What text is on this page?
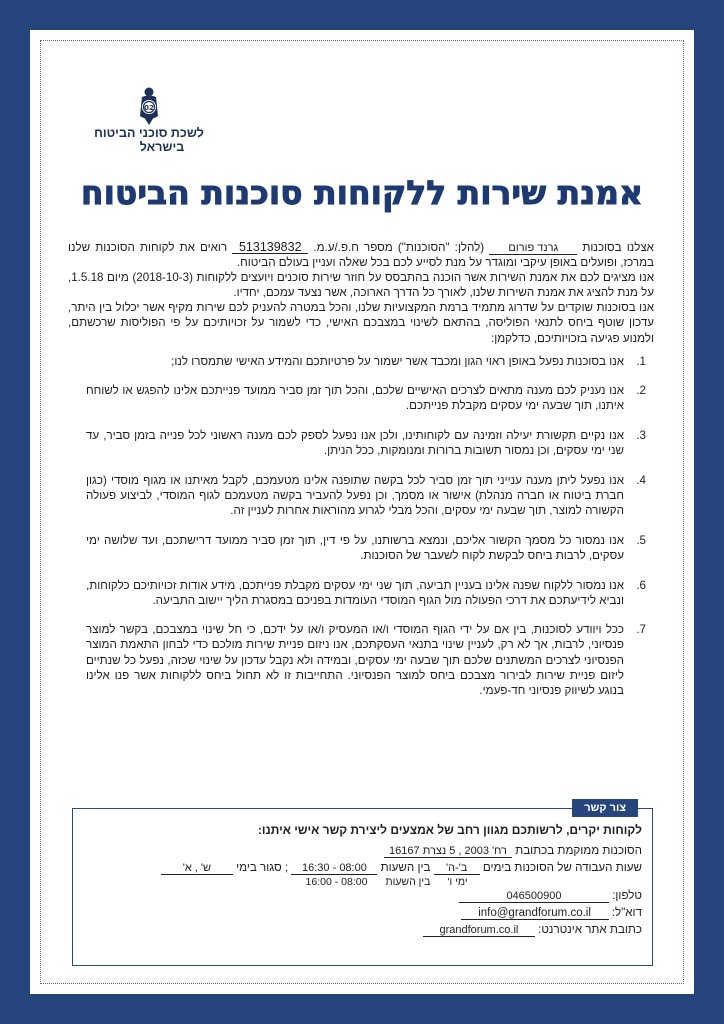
02
לשכת סוכני הביטוח
בישראל
אמנת שירות ללקוחות סוכנות הביטוח

אצלנו בסוכנות גרנד פורום (להלן: "הסוכנות") מספר ח.פ./ע.מ. 513139832 רואים את לקוחות הסוכנות שלנו במרכז, ופועלים באופן עיקבי ומוגדר על מנת לסייע לכם בכל שאלה ועניין בעולם הביטוח.

אנו מציגים לכם את אמנת השירות אשר הוכנה בהתבסס על חוזר שירות סוכנים ויועצים ללקוחות (2018-10-3) מיום 1.5.18, על מנת להציג את אמנת השירות שלנו, לאורך כל הדרך הארוכה, אשר נצעד עמכם, יחדיו.

אנו בסוכנות שוקדים על שדרוג מתמיד ברמת המקצועיות שלנו, והכל במטרה להעניק לכם שירות מקיף אשר יכלול בין היתר, עדכון שוטף ביחס לתנאי הפוליסה, בהתאם לשינוי במצבכם האישי, כדי לשמור על זכויותיכם על פי הפוליסות שרכשתם, ולמנוע פגיעה בזכויותיכם, כדלקמן:

1.
אנו בסוכנות נפעל באופן ראוי הגון ומכבד אשר ישמור על פרטיותכם והמידע האישי שתמסרו לנו;
2.
אנו נעניק לכם מענה מתאים לצרכים האישיים שלכם, והכל תוך זמן סביר ממועד פנייתכם אלינו להפגש או לשוחח איתנו, תוך שבעה ימי עסקים מקבלת פנייתכם.
3.
אנו נקיים תקשורת יעילה וזמינה עם לקוחותינו, ולכן אנו נפעל לספק לכם מענה ראשוני לכל פנייה בזמן סביר, עד שני ימי עסקים, וכן נמסור תשובות ברורות ומנומקות, ככל הניתן.
4.
אנו נפעל ליתן מענה ענייני תוך זמן סביר לכל בקשה שתופנה אלינו מטעמכם, לקבל מאיתנו או מגוף מוסדי (כגון חברת ביטוח או חברה מנהלת) אישור או מסמך, וכן נפעל להעביר בקשה מטעמכם לגוף המוסדי, לביצוע פעולה הקשורה למוצר, תוך שבעה ימי עסקים, והכל מבלי לגרוע מהוראות אחרות לעניין זה.
5.
אנו נמסור כל מסמך הקשור אליכם, ונמצא ברשותנו, על פי דין, תוך זמן סביר ממועד דרישתכם, ועד שלושה ימי עסקים, לרבות ביחס לבקשת לקוח לשעבר של הסוכנות.
6.
אנו נמסור ללקוח שפנה אלינו בעניין תביעה, תוך שני ימי עסקים מקבלת פנייתכם, מידע אודות זכויותיכם כלקוחות, ונביא לידיעתכם את דרכי הפעולה מול הגוף המוסדי העומדות בפניכם במסגרת הליך יישוב התביעה.
7.
ככל ויוודע לסוכנות, בין אם על ידי הגוף המוסדי ו/או המעסיק ו/או על ידכם, כי חל שינוי במצבכם, בקשר למוצר פנסיוני, לרבות, אך לא רק, לעניין שינוי בתנאי העסקתכם, אנו ניזום פניית שירות מולכם כדי לבחון התאמת המוצר הפנסיוני לצרכים המשתנים שלכם תוך שבעה ימי עסקים, ובמידה ולא נקבל עדכון על שינוי שכזה, נפעל כל שנתיים ליזום פניית שירות לבירור מצבכם ביחס למוצר הפנסיוני. התחייבות זו לא תחול ביחס ללקוחות אשר פנו אלינו בנוגע לשיווק פנסיוני חד-פעמי.
צור קשר
לקוחות יקרים, לרשותכם מגוון רחב של אמצעים ליצירת קשר אישי איתנו:
הסוכנות ממוקמת בכתובת רח' 2003 , 5 נצרת 16167
שעות העבודה של הסוכנות בימים ב'-ה'
ימי ו'
בין השעות
בין השעות
$\frac{08:00 - 16:30}{08:00 - 16:00}$
; סגור בימי ש' , א'
טלפון: 046500900
דוא"ל: info@grandforum.co.il
כתובת אתר אינטרנט: grandforum.co.il
